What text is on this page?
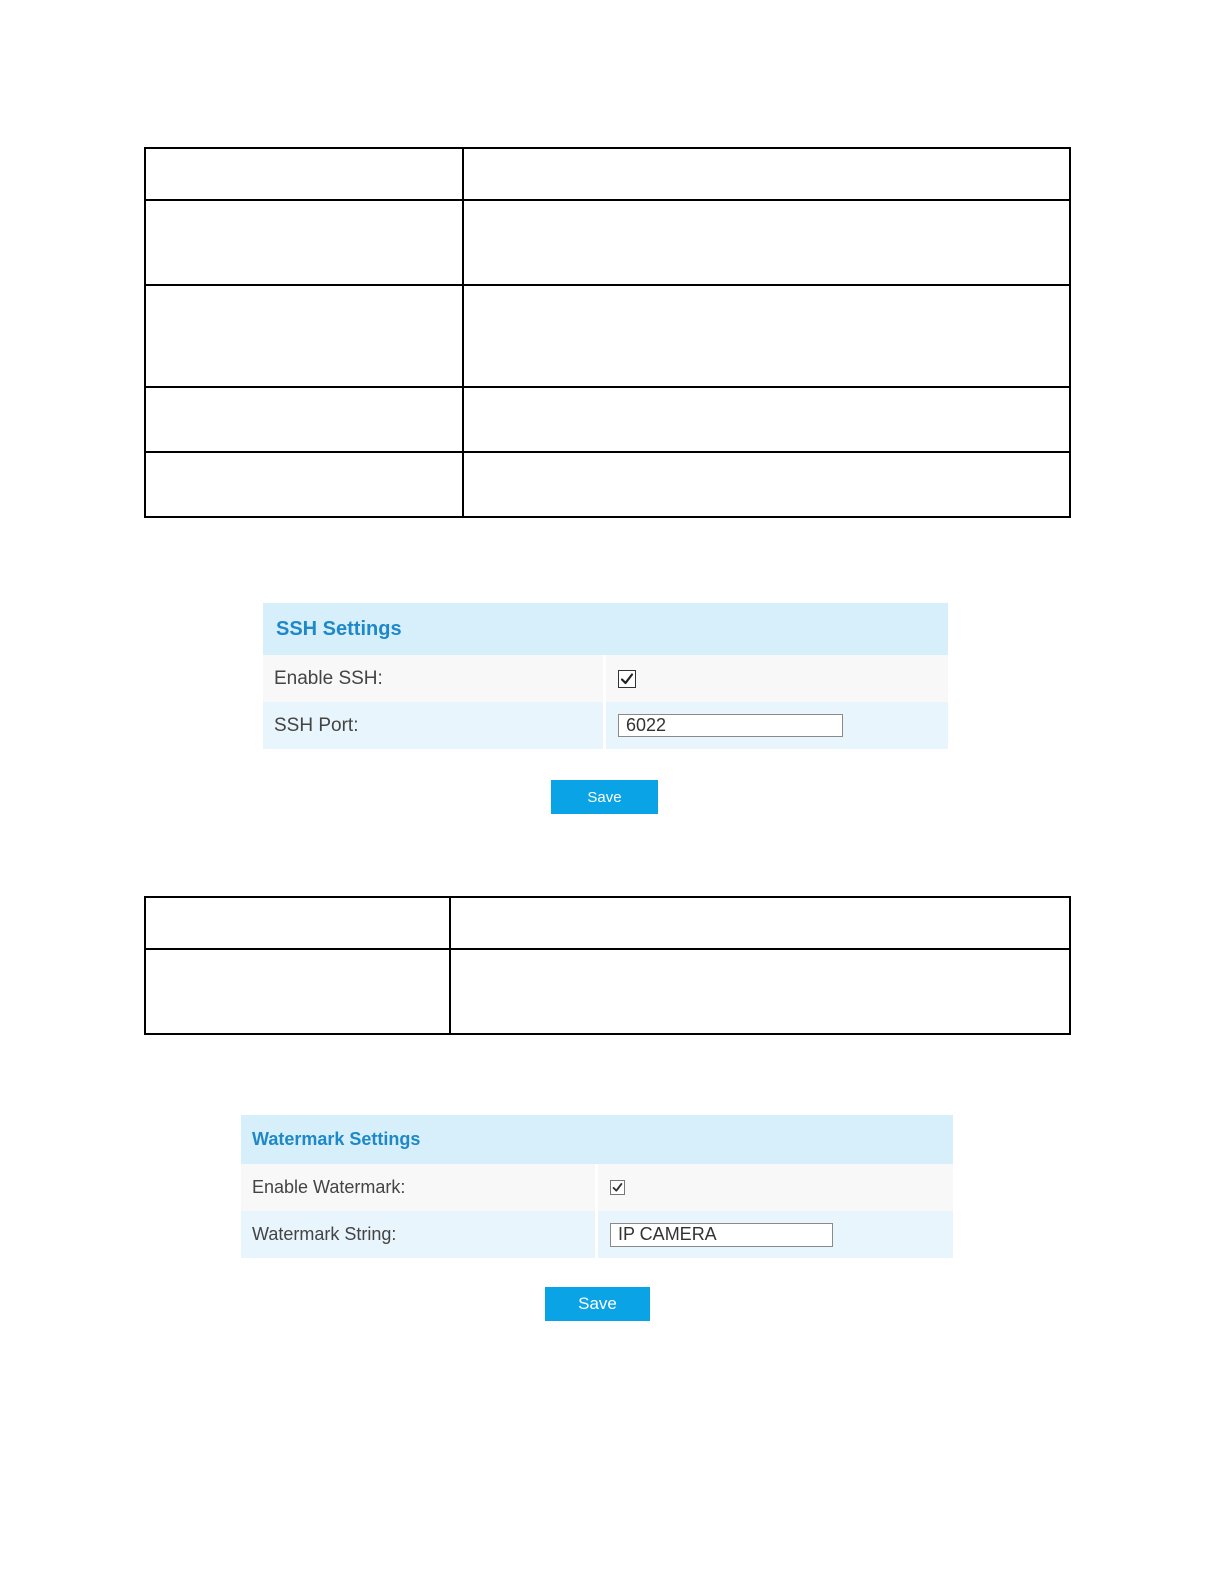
SSH Settings
Enable SSH:
SSH Port:	6022
Save

Watermark Settings
Enable Watermark:
Watermark String:	IP CAMERA
Save
